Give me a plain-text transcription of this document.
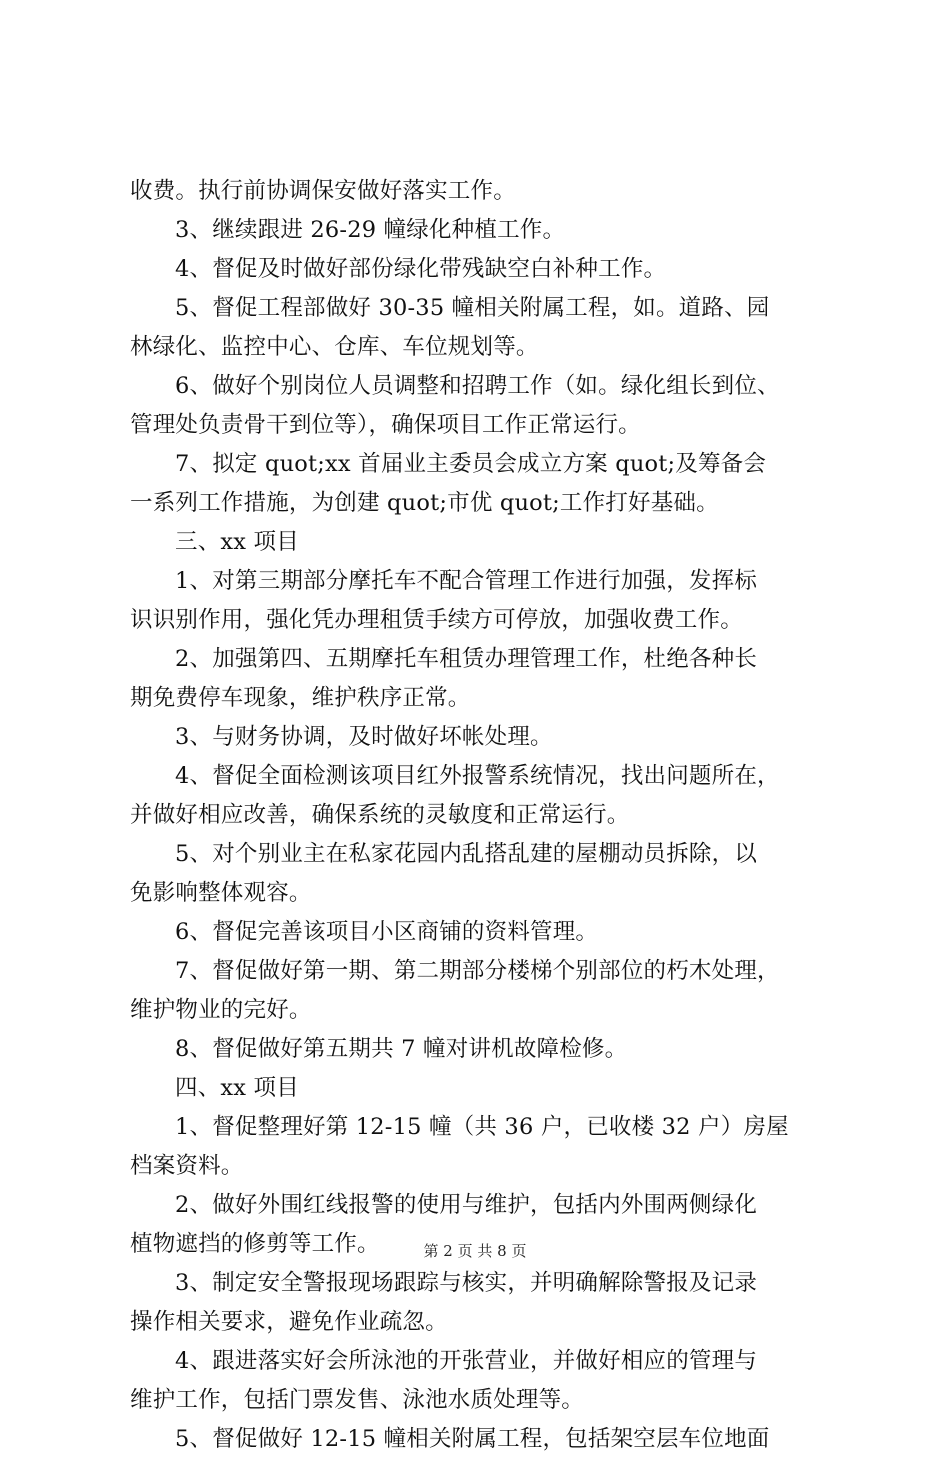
收费。执行前协调保安做好落实工作。
3、继续跟进 26-29 幢绿化种植工作。
4、督促及时做好部份绿化带残缺空白补种工作。
5、督促工程部做好 30-35 幢相关附属工程，如。道路、园
林绿化、监控中心、仓库、车位规划等。
6、做好个别岗位人员调整和招聘工作（如。绿化组长到位、
管理处负责骨干到位等），确保项目工作正常运行。
7、拟定 quot;xx 首届业主委员会成立方案 quot;及筹备会
一系列工作措施，为创建 quot;市优 quot;工作打好基础。
三、xx 项目
1、对第三期部分摩托车不配合管理工作进行加强，发挥标
识识别作用，强化凭办理租赁手续方可停放，加强收费工作。
2、加强第四、五期摩托车租赁办理管理工作，杜绝各种长
期免费停车现象，维护秩序正常。
3、与财务协调，及时做好坏帐处理。
4、督促全面检测该项目红外报警系统情况，找出问题所在，
并做好相应改善，确保系统的灵敏度和正常运行。
5、对个别业主在私家花园内乱搭乱建的屋棚动员拆除，以
免影响整体观容。
6、督促完善该项目小区商铺的资料管理。
7、督促做好第一期、第二期部分楼梯个别部位的朽木处理，
维护物业的完好。
8、督促做好第五期共 7 幢对讲机故障检修。
四、xx 项目
1、督促整理好第 12-15 幢（共 36 户，已收楼 32 户）房屋
档案资料。
2、做好外围红线报警的使用与维护，包括内外围两侧绿化
植物遮挡的修剪等工作。
3、制定安全警报现场跟踪与核实，并明确解除警报及记录
操作相关要求，避免作业疏忽。
4、跟进落实好会所泳池的开张营业，并做好相应的管理与
维护工作，包括门票发售、泳池水质处理等。
5、督促做好 12-15 幢相关附属工程，包括架空层车位地面
第 2 页 共 8 页
